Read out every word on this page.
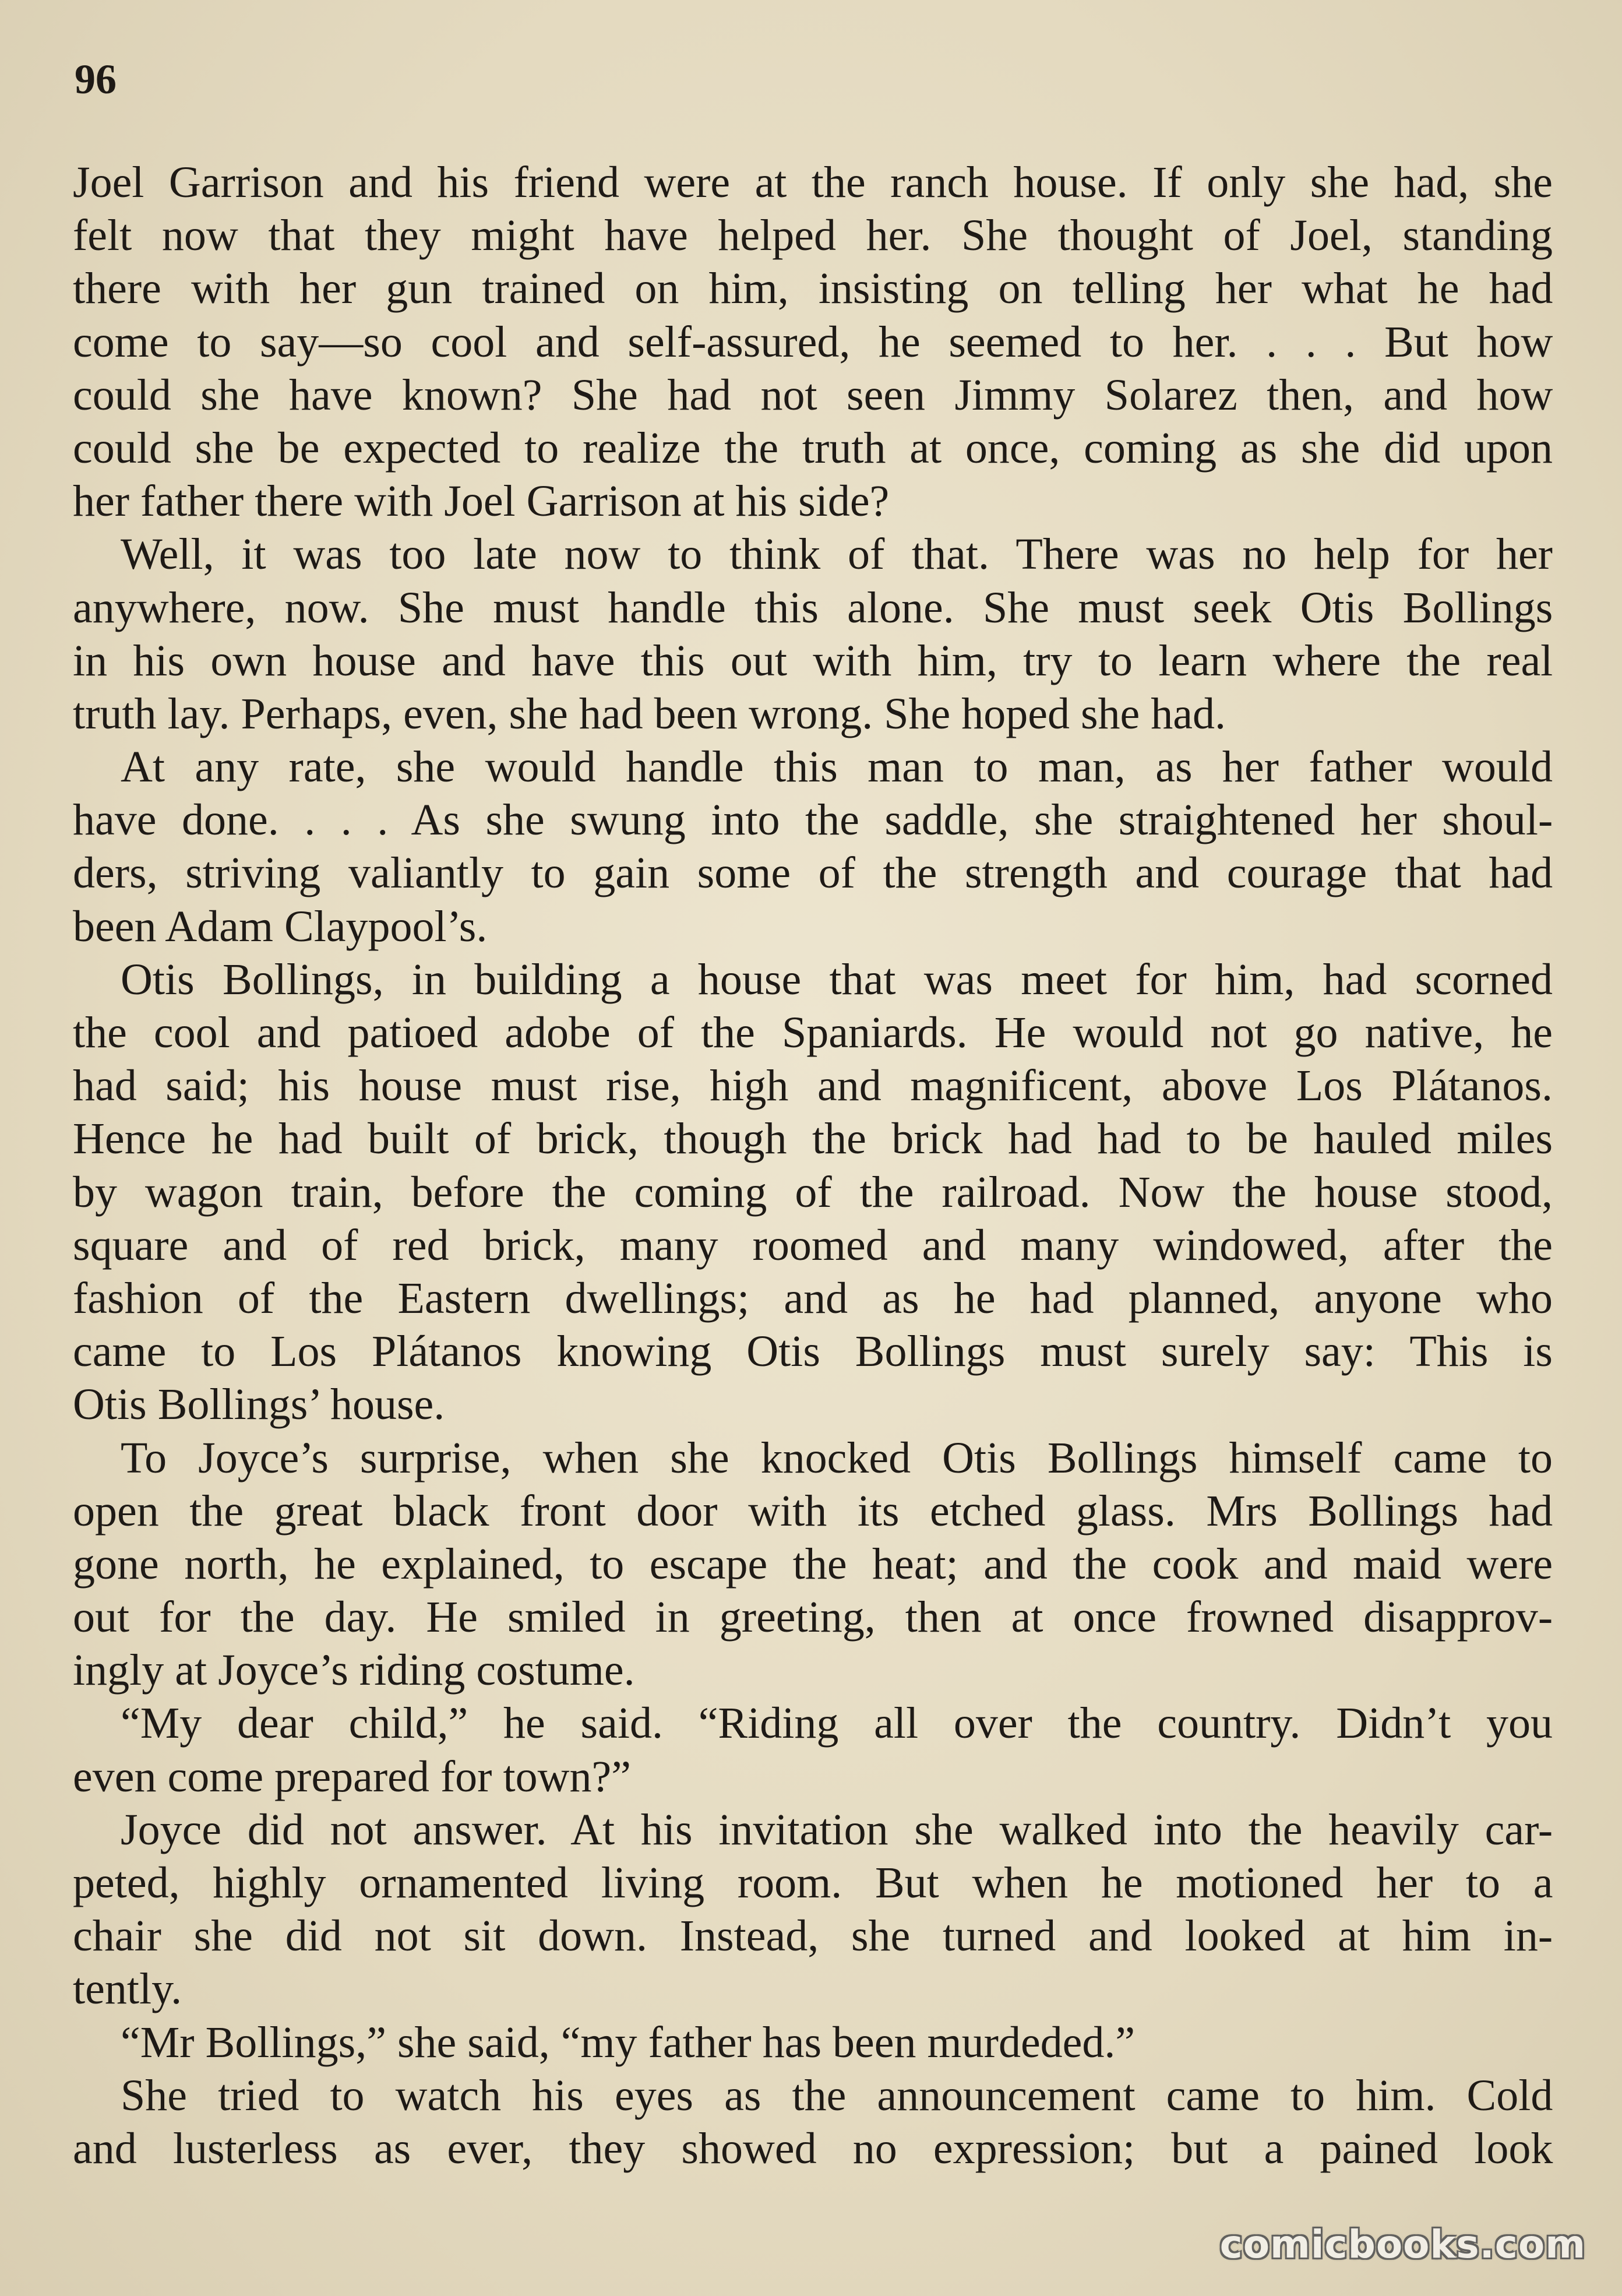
96

Joel Garrison and his friend were at the ranch house. If only she had, she
felt now that they might have helped her. She thought of Joel, standing
there with her gun trained on him, insisting on telling her what he had
come to say—so cool and self-assured, he seemed to her. . . . But how
could she have known? She had not seen Jimmy Solarez then, and how
could she be expected to realize the truth at once, coming as she did upon
her father there with Joel Garrison at his side?
Well, it was too late now to think of that. There was no help for her
anywhere, now. She must handle this alone. She must seek Otis Bollings
in his own house and have this out with him, try to learn where the real
truth lay. Perhaps, even, she had been wrong. She hoped she had.
At any rate, she would handle this man to man, as her father would
have done. . . . As she swung into the saddle, she straightened her shoul-
ders, striving valiantly to gain some of the strength and courage that had
been Adam Claypool’s.
Otis Bollings, in building a house that was meet for him, had scorned
the cool and patioed adobe of the Spaniards. He would not go native, he
had said; his house must rise, high and magnificent, above Los Plátanos.
Hence he had built of brick, though the brick had had to be hauled miles
by wagon train, before the coming of the railroad. Now the house stood,
square and of red brick, many roomed and many windowed, after the
fashion of the Eastern dwellings; and as he had planned, anyone who
came to Los Plátanos knowing Otis Bollings must surely say: This is
Otis Bollings’ house.
To Joyce’s surprise, when she knocked Otis Bollings himself came to
open the great black front door with its etched glass. Mrs Bollings had
gone north, he explained, to escape the heat; and the cook and maid were
out for the day. He smiled in greeting, then at once frowned disapprov-
ingly at Joyce’s riding costume.
“My dear child,” he said. “Riding all over the country. Didn’t you
even come prepared for town?”
Joyce did not answer. At his invitation she walked into the heavily car-
peted, highly ornamented living room. But when he motioned her to a
chair she did not sit down. Instead, she turned and looked at him in-
tently.
“Mr Bollings,” she said, “my father has been murdeded.”
She tried to watch his eyes as the announcement came to him. Cold
and lusterless as ever, they showed no expression; but a pained look
comicbooks.com
